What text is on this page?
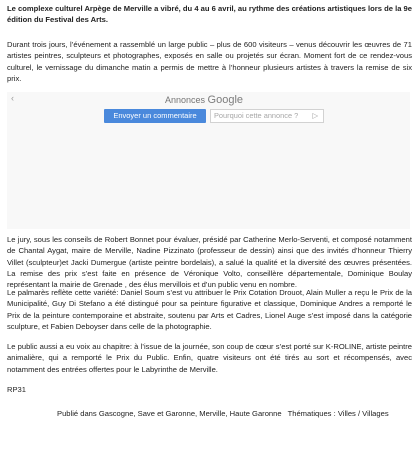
Le complexe culturel Arpège de Merville a vibré, du 4 au 6 avril, au rythme des créations artistiques lors de la 9e édition du Festival des Arts.

Durant trois jours, l’événement a rassemblé un large public – plus de 600 visiteurs – venus découvrir les œuvres de 71 artistes peintres, sculpteurs et photographes, exposés en salle ou projetés sur écran. Moment fort de ce rendez-vous culturel, le vernissage du dimanche matin a permis de mettre à l’honneur plusieurs artistes à travers la remise de six prix.

‹	Annonces Google
Envoyer un commentaire	Pourquoi cette annonce ? ▷

Le jury, sous les conseils de Robert Bonnet pour évaluer, présidé par Catherine Merlo-Serventi, et composé notamment de Chantal Aygat, maire de Merville, Nadine Pizzinato (professeur de dessin) ainsi que des invités d’honneur Thierry Villet (sculpteur)et Jacki Dumergue (artiste peintre bordelais), a salué la qualité et la diversité des œuvres présentées. La remise des prix s’est faite en présence de Véronique Volto, conseillère départementale, Dominique Boulay représentant la mairie de Grenade , des élus mervillois et d’un public venu en nombre.

Le palmarès reflète cette variété: Daniel Soum s’est vu attribuer le Prix Cotation Drouot, Alain Muller a reçu le Prix de la Municipalité, Guy Di Stefano a été distingué pour sa peinture figurative et classique, Dominique Andres a remporté le Prix de la peinture contemporaine et abstraite, soutenu par Arts et Cadres, Lionel Auge s’est imposé dans la catégorie sculpture, et Fabien Deboyser dans celle de la photographie.

Le public aussi a eu voix au chapitre: à l’issue de la journée, son coup de cœur s’est porté sur K-ROLINE, artiste peintre animalière, qui a remporté le Prix du Public. Enfin, quatre visiteurs ont été tirés au sort et récompensés, avec notamment des entrées offertes pour le Labyrinthe de Merville.

RP31

Publié dans Gascogne, Save et Garonne, Merville, Haute Garonne Thématiques : Villes / Villages
